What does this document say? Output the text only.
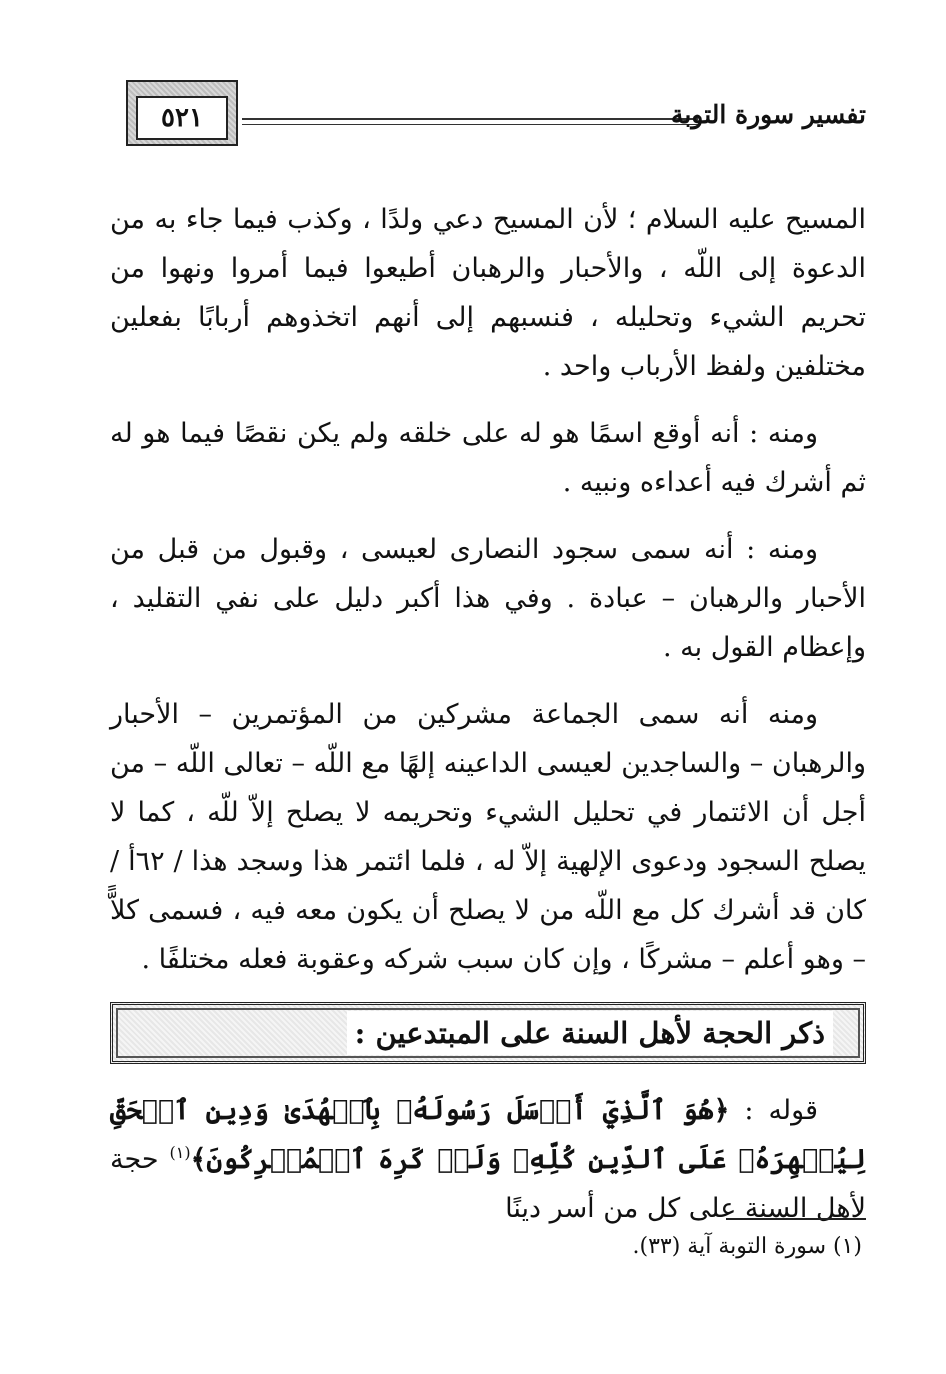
٥٢١	تفسير سورة التوبة

المسيح عليه السلام ؛ لأن المسيح دعي ولدًا ، وكذب فيما جاء به من الدعوة إلى اللّه ، والأحبار والرهبان أطيعوا فيما أمروا ونهوا من تحريم الشيء وتحليله ، فنسبهم إلى أنهم اتخذوهم أربابًا بفعلين مختلفين ولفظ الأرباب واحد .

ومنه : أنه أوقع اسمًا هو له على خلقه ولم يكن نقصًا فيما هو له ثم أشرك فيه أعداءه ونبيه .

ومنه : أنه سمى سجود النصارى لعيسى ، وقبول من قبل من الأحبار والرهبان – عبادة . وفي هذا أكبر دليل على نفي التقليد ، وإعظام القول به .

ومنه أنه سمى الجماعة مشركين من المؤتمرين – الأحبار والرهبان – والساجدين لعيسى الداعينه إلهًا مع اللّه – تعالى اللّه – من أجل أن الائتمار في تحليل الشيء وتحريمه لا يصلح إلاّ للّه ، كما لا يصلح السجود ودعوى الإلهية إلاّ له ، فلما ائتمر هذا وسجد هذا / ٦٢أ / كان قد أشرك كل مع اللّه من لا يصلح أن يكون معه فيه ، فسمى كلاًّ – وهو أعلم – مشركًا ، وإن كان سبب شركه وعقوبة فعله مختلفًا .

ذكر الحجة لأهل السنة على المبتدعين :

قوله : ﴿هُوَ ٱلَّذِيٓ أَرۡسَلَ رَسُولَهُۥ بِٱلۡهُدَىٰ وَدِينِ ٱلۡحَقِّ لِيُظۡهِرَهُۥ عَلَى ٱلدِّينِ كُلِّهِۦ وَلَوۡ كَرِهَ ٱلۡمُشۡرِكُونَ﴾$^{(١)}$ حجة لأهل السنة على كل من أسر دينًا

(١) سورة التوبة آية (٣٣).
